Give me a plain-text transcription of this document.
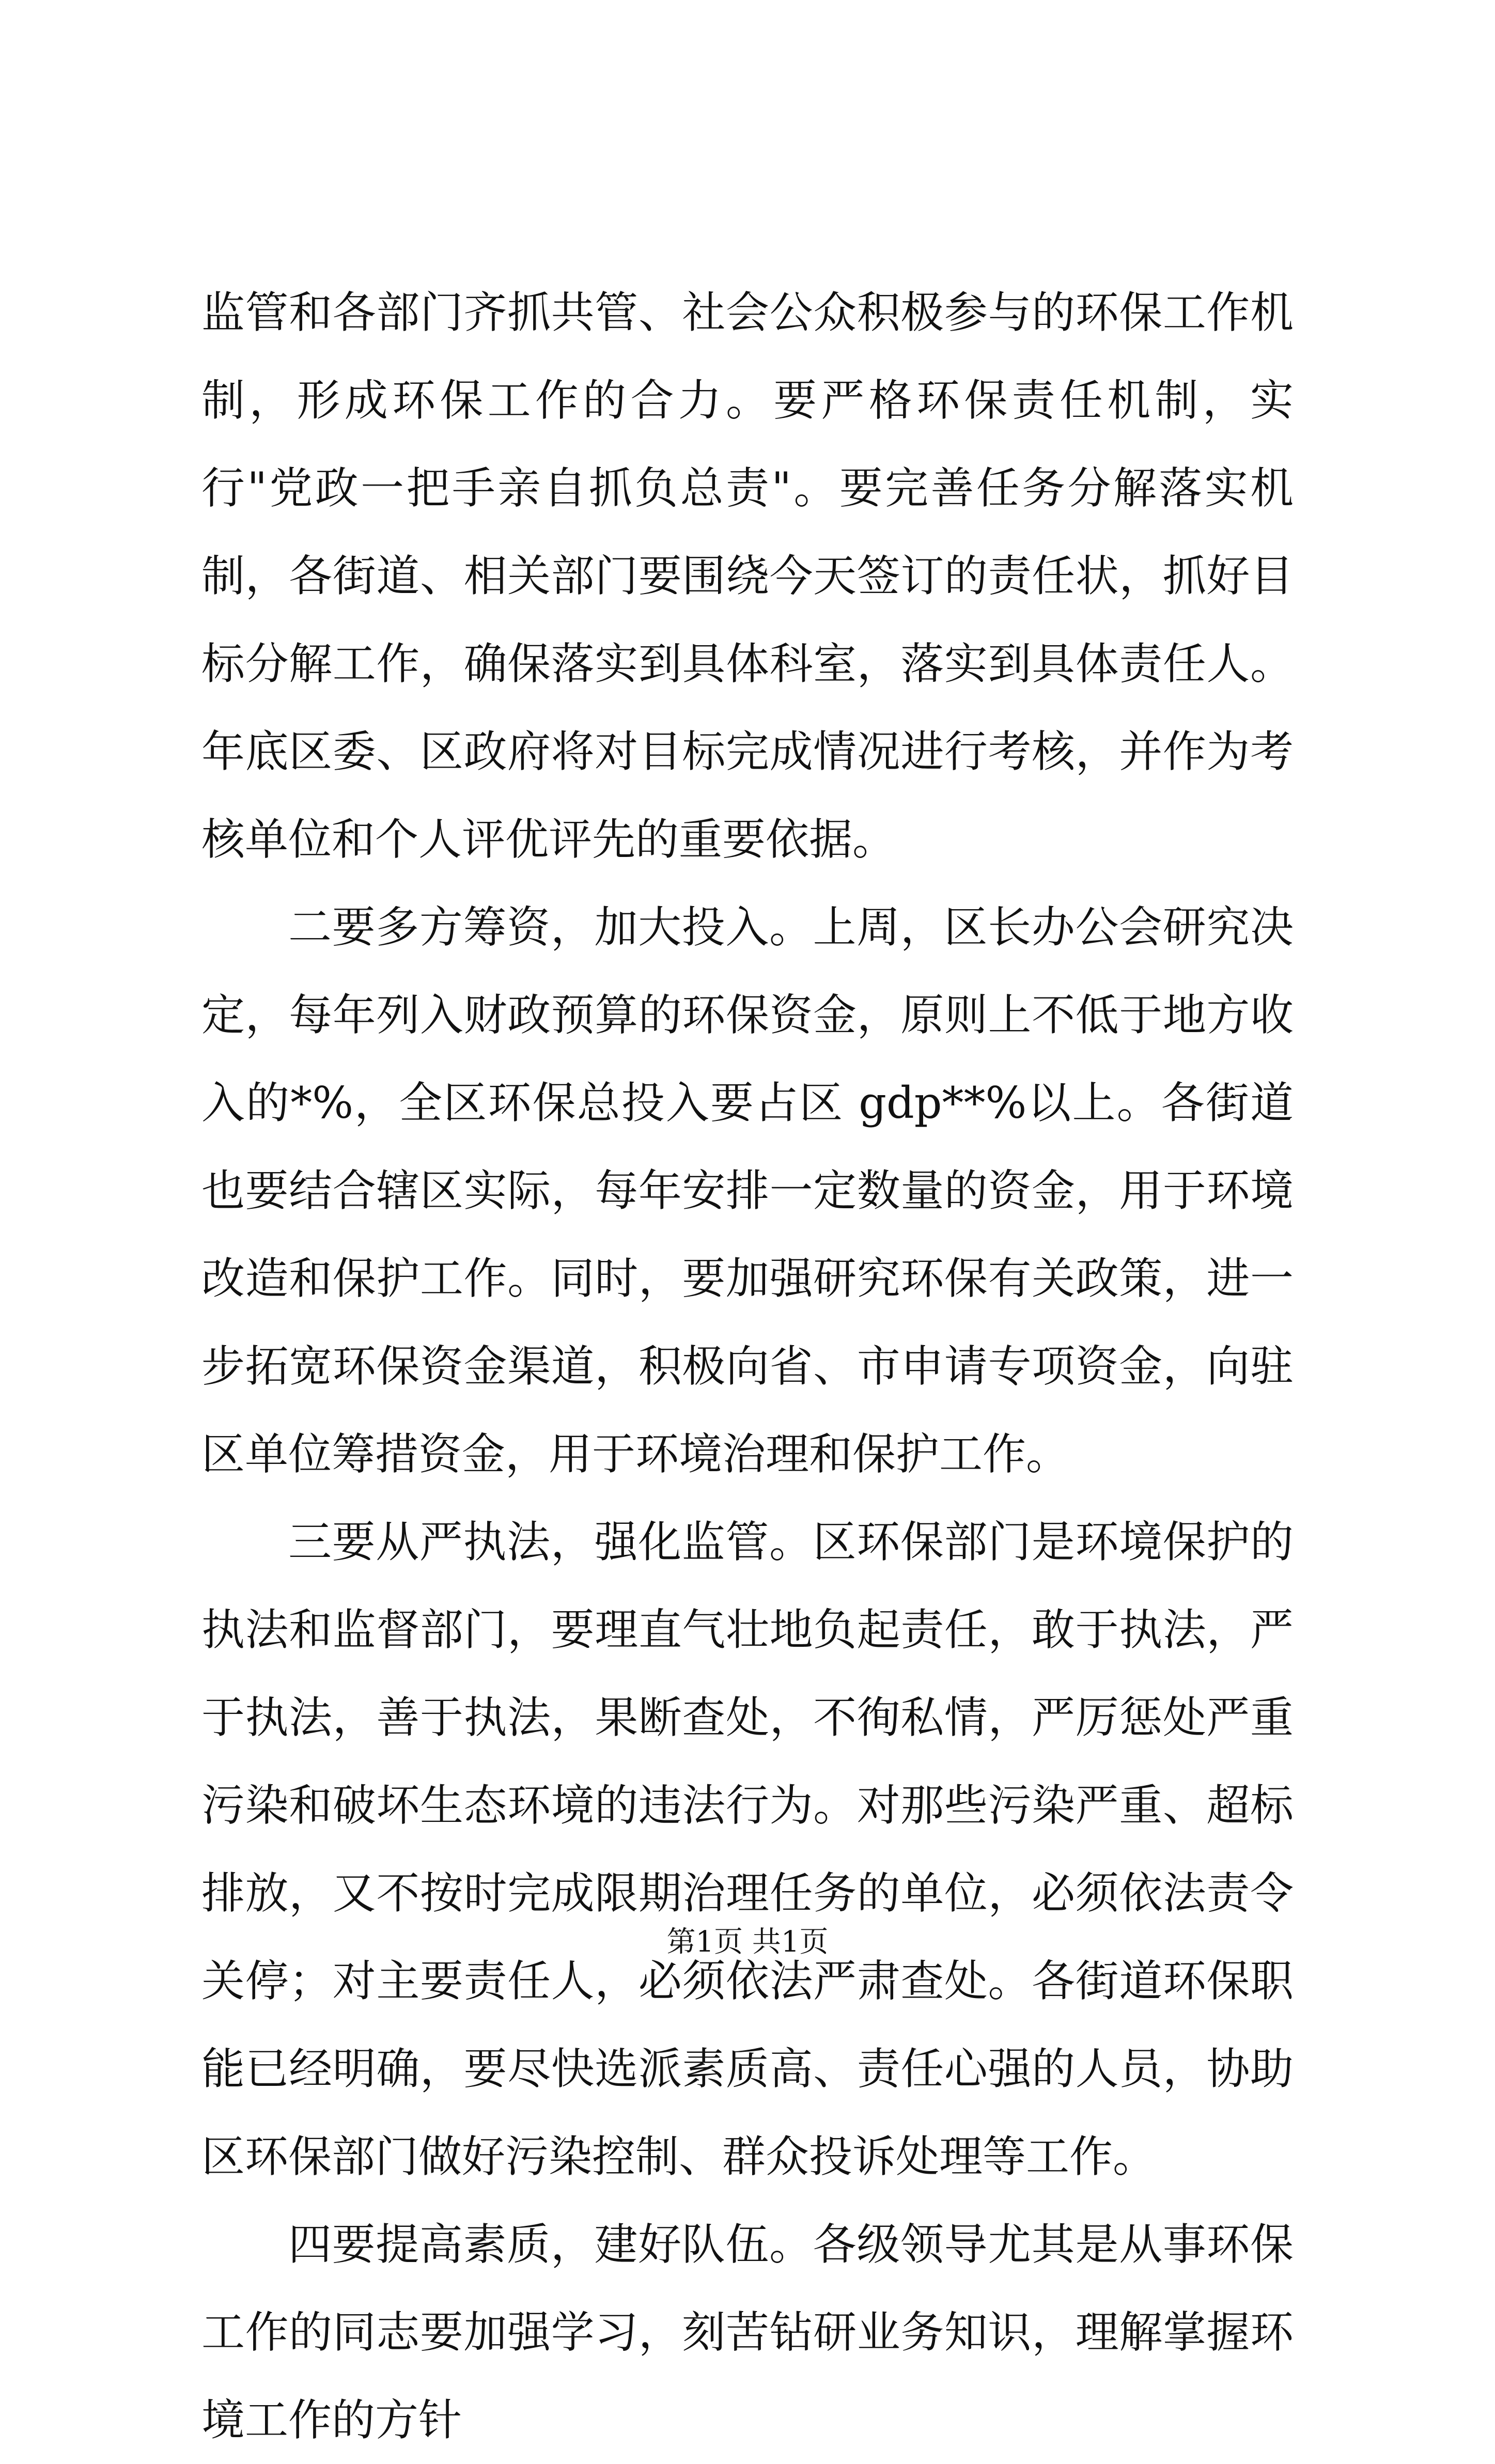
监管和各部门齐抓共管、社会公众积极参与的环保工作机制，形成环保工作的合力。要严格环保责任机制，实行"党政一把手亲自抓负总责"。要完善任务分解落实机制，各街道、相关部门要围绕今天签订的责任状，抓好目标分解工作，确保落实到具体科室，落实到具体责任人。年底区委、区政府将对目标完成情况进行考核，并作为考核单位和个人评优评先的重要依据。

二要多方筹资，加大投入。上周，区长办公会研究决定，每年列入财政预算的环保资金，原则上不低于地方收入的*%，全区环保总投入要占区 gdp**%以上。各街道也要结合辖区实际，每年安排一定数量的资金，用于环境改造和保护工作。同时，要加强研究环保有关政策，进一步拓宽环保资金渠道，积极向省、市申请专项资金，向驻区单位筹措资金，用于环境治理和保护工作。

三要从严执法，强化监管。区环保部门是环境保护的执法和监督部门，要理直气壮地负起责任，敢于执法，严于执法，善于执法，果断查处，不徇私情，严厉惩处严重污染和破坏生态环境的违法行为。对那些污染严重、超标排放，又不按时完成限期治理任务的单位，必须依法责令关停；对主要责任人，必须依法严肃查处。各街道环保职能已经明确，要尽快选派素质高、责任心强的人员，协助区环保部门做好污染控制、群众投诉处理等工作。

四要提高素质，建好队伍。各级领导尤其是从事环保工作的同志要加强学习，刻苦钻研业务知识，理解掌握环境工作的方针

第1页 共1页
